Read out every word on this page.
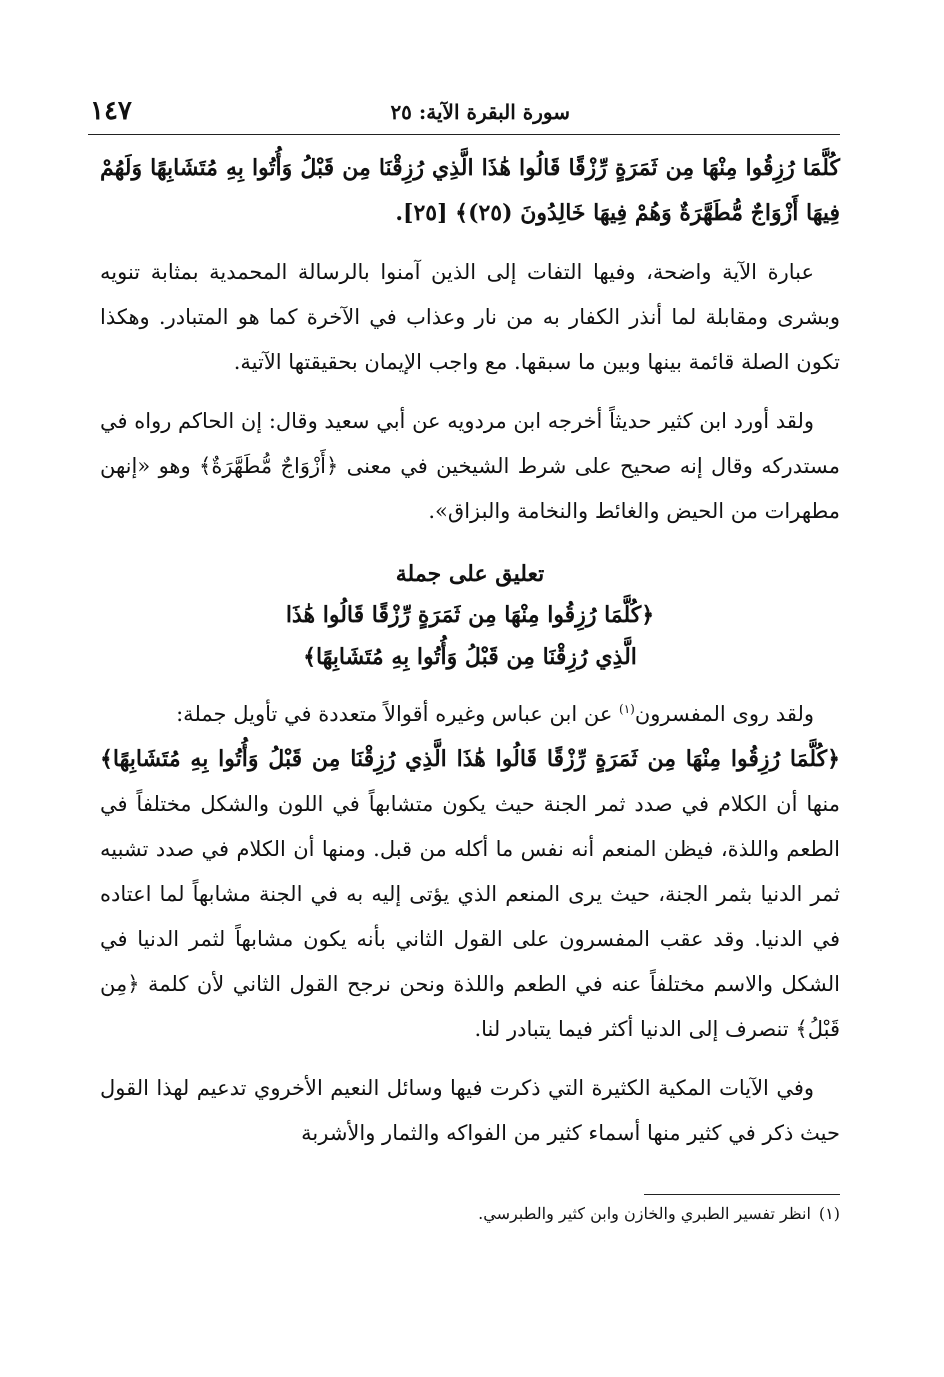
سورة البقرة الآية: ٢٥
١٤٧

كُلَّمَا رُزِقُوا مِنْهَا مِن ثَمَرَةٍ رِّزْقًا قَالُوا هَٰذَا الَّذِي رُزِقْنَا مِن قَبْلُ وَأُتُوا بِهِ مُتَشَابِهًا وَلَهُمْ

فِيهَا أَزْوَاجٌ مُّطَهَّرَةٌ وَهُمْ فِيهَا خَالِدُونَ (٢٥)﴾ [٢٥].

عبارة الآية واضحة، وفيها التفات إلى الذين آمنوا بالرسالة المحمدية بمثابة تنويه وبشرى ومقابلة لما أنذر الكفار به من نار وعذاب في الآخرة كما هو المتبادر. وهكذا تكون الصلة قائمة بينها وبين ما سبقها. مع واجب الإيمان بحقيقتها الآتية.

ولقد أورد ابن كثير حديثاً أخرجه ابن مردويه عن أبي سعيد وقال: إن الحاكم رواه في مستدركه وقال إنه صحيح على شرط الشيخين في معنى ﴿أَزْوَاجٌ مُّطَهَّرَةٌ﴾ وهو «إنهن مطهرات من الحيض والغائط والنخامة والبزاق».

تعليق على جملة
﴿كُلَّمَا رُزِقُوا مِنْهَا مِن ثَمَرَةٍ رِّزْقًا قَالُوا هَٰذَا
الَّذِي رُزِقْنَا مِن قَبْلُ وَأُتُوا بِهِ مُتَشَابِهًا﴾

ولقد روى المفسرون$^{(١)}$ عن ابن عباس وغيره أقوالاً متعددة في تأويل جملة:

﴿كُلَّمَا رُزِقُوا مِنْهَا مِن ثَمَرَةٍ رِّزْقًا قَالُوا هَٰذَا الَّذِي رُزِقْنَا مِن قَبْلُ وَأُتُوا بِهِ مُتَشَابِهًا﴾

منها أن الكلام في صدد ثمر الجنة حيث يكون متشابهاً في اللون والشكل مختلفاً في الطعم واللذة، فيظن المنعم أنه نفس ما أكله من قبل. ومنها أن الكلام في صدد تشبيه ثمر الدنيا بثمر الجنة، حيث يرى المنعم الذي يؤتى إليه به في الجنة مشابهاً لما اعتاده في الدنيا. وقد عقب المفسرون على القول الثاني بأنه يكون مشابهاً لثمر الدنيا في الشكل والاسم مختلفاً عنه في الطعم واللذة ونحن نرجح القول الثاني لأن كلمة ﴿مِن قَبْلُ﴾ تنصرف إلى الدنيا أكثر فيما يتبادر لنا.

وفي الآيات المكية الكثيرة التي ذكرت فيها وسائل النعيم الأخروي تدعيم لهذا القول حيث ذكر في كثير منها أسماء كثير من الفواكه والثمار والأشربة

(١)انظر تفسير الطبري والخازن وابن كثير والطبرسي.
